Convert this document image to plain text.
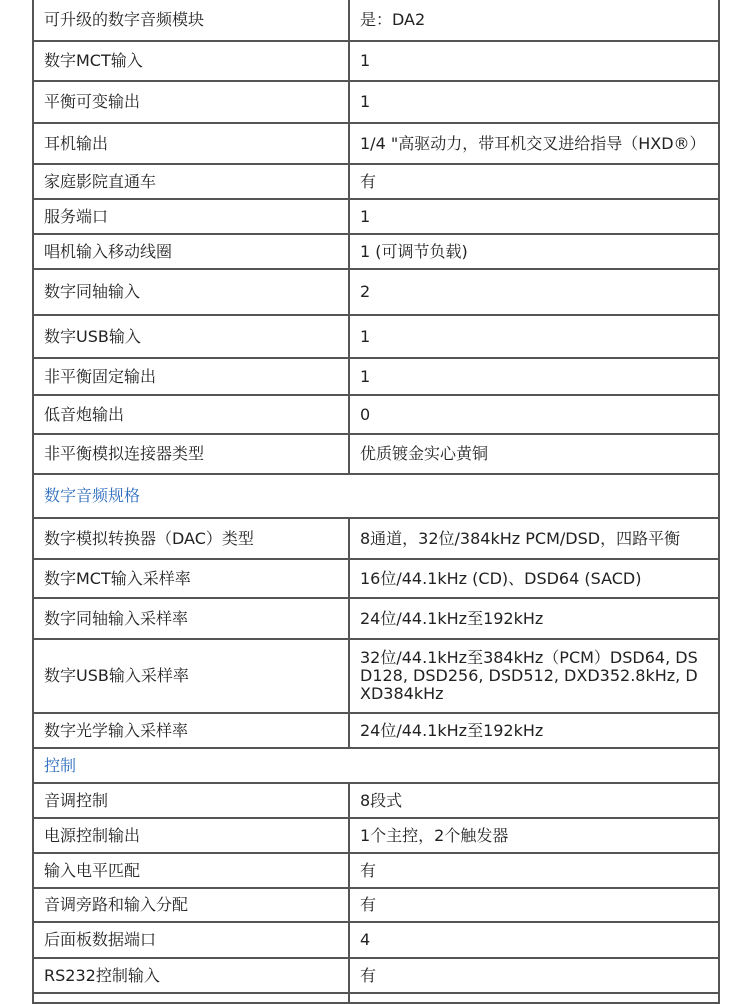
可升级的数字音频模块	是：DA2
数字MCT输入	1
平衡可变输出	1
耳机输出	1/4 "高驱动力，带耳机交叉进给指导（HXD®）
家庭影院直通车	有
服务端口	1
唱机输入移动线圈	1 (可调节负载)
数字同轴输入	2
数字USB输入	1
非平衡固定输出	1
低音炮输出	0
非平衡模拟连接器类型	优质镀金实心黄铜
数字音频规格	
数字模拟转换器（DAC）类型	8通道，32位/384kHz PCM/DSD，四路平衡
数字MCT输入采样率	16位/44.1kHz (CD)、DSD64 (SACD)
数字同轴输入采样率	24位/44.1kHz至192kHz
数字USB输入采样率	32位/44.1kHz至384kHz（PCM）DSD64, DSD128, DSD256, DSD512, DXD352.8kHz, DXD384kHz
数字光学输入采样率	24位/44.1kHz至192kHz
控制	
音调控制	8段式
电源控制输出	1个主控，2个触发器
输入电平匹配	有
音调旁路和输入分配	有
后面板数据端口	4
RS232控制输入	有
